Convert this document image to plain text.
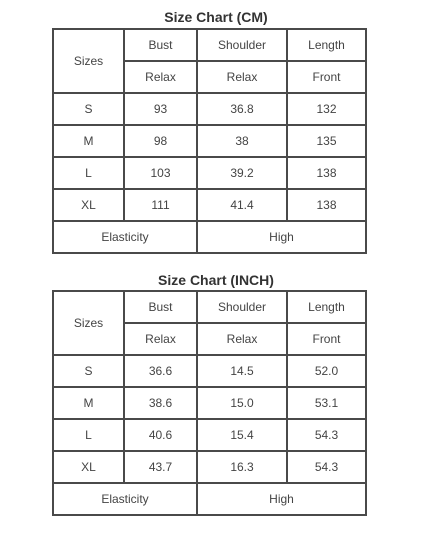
Size Chart (CM)
Sizes	Bust	Shoulder	Length
	Relax	Relax	Front
S	93	36.8	132
M	98	38	135
L	103	39.2	138
XL	111	41.4	138
Elasticity		High	
Size Chart (INCH)
Sizes	Bust	Shoulder	Length
	Relax	Relax	Front
S	36.6	14.5	52.0
M	38.6	15.0	53.1
L	40.6	15.4	54.3
XL	43.7	16.3	54.3
Elasticity		High	
